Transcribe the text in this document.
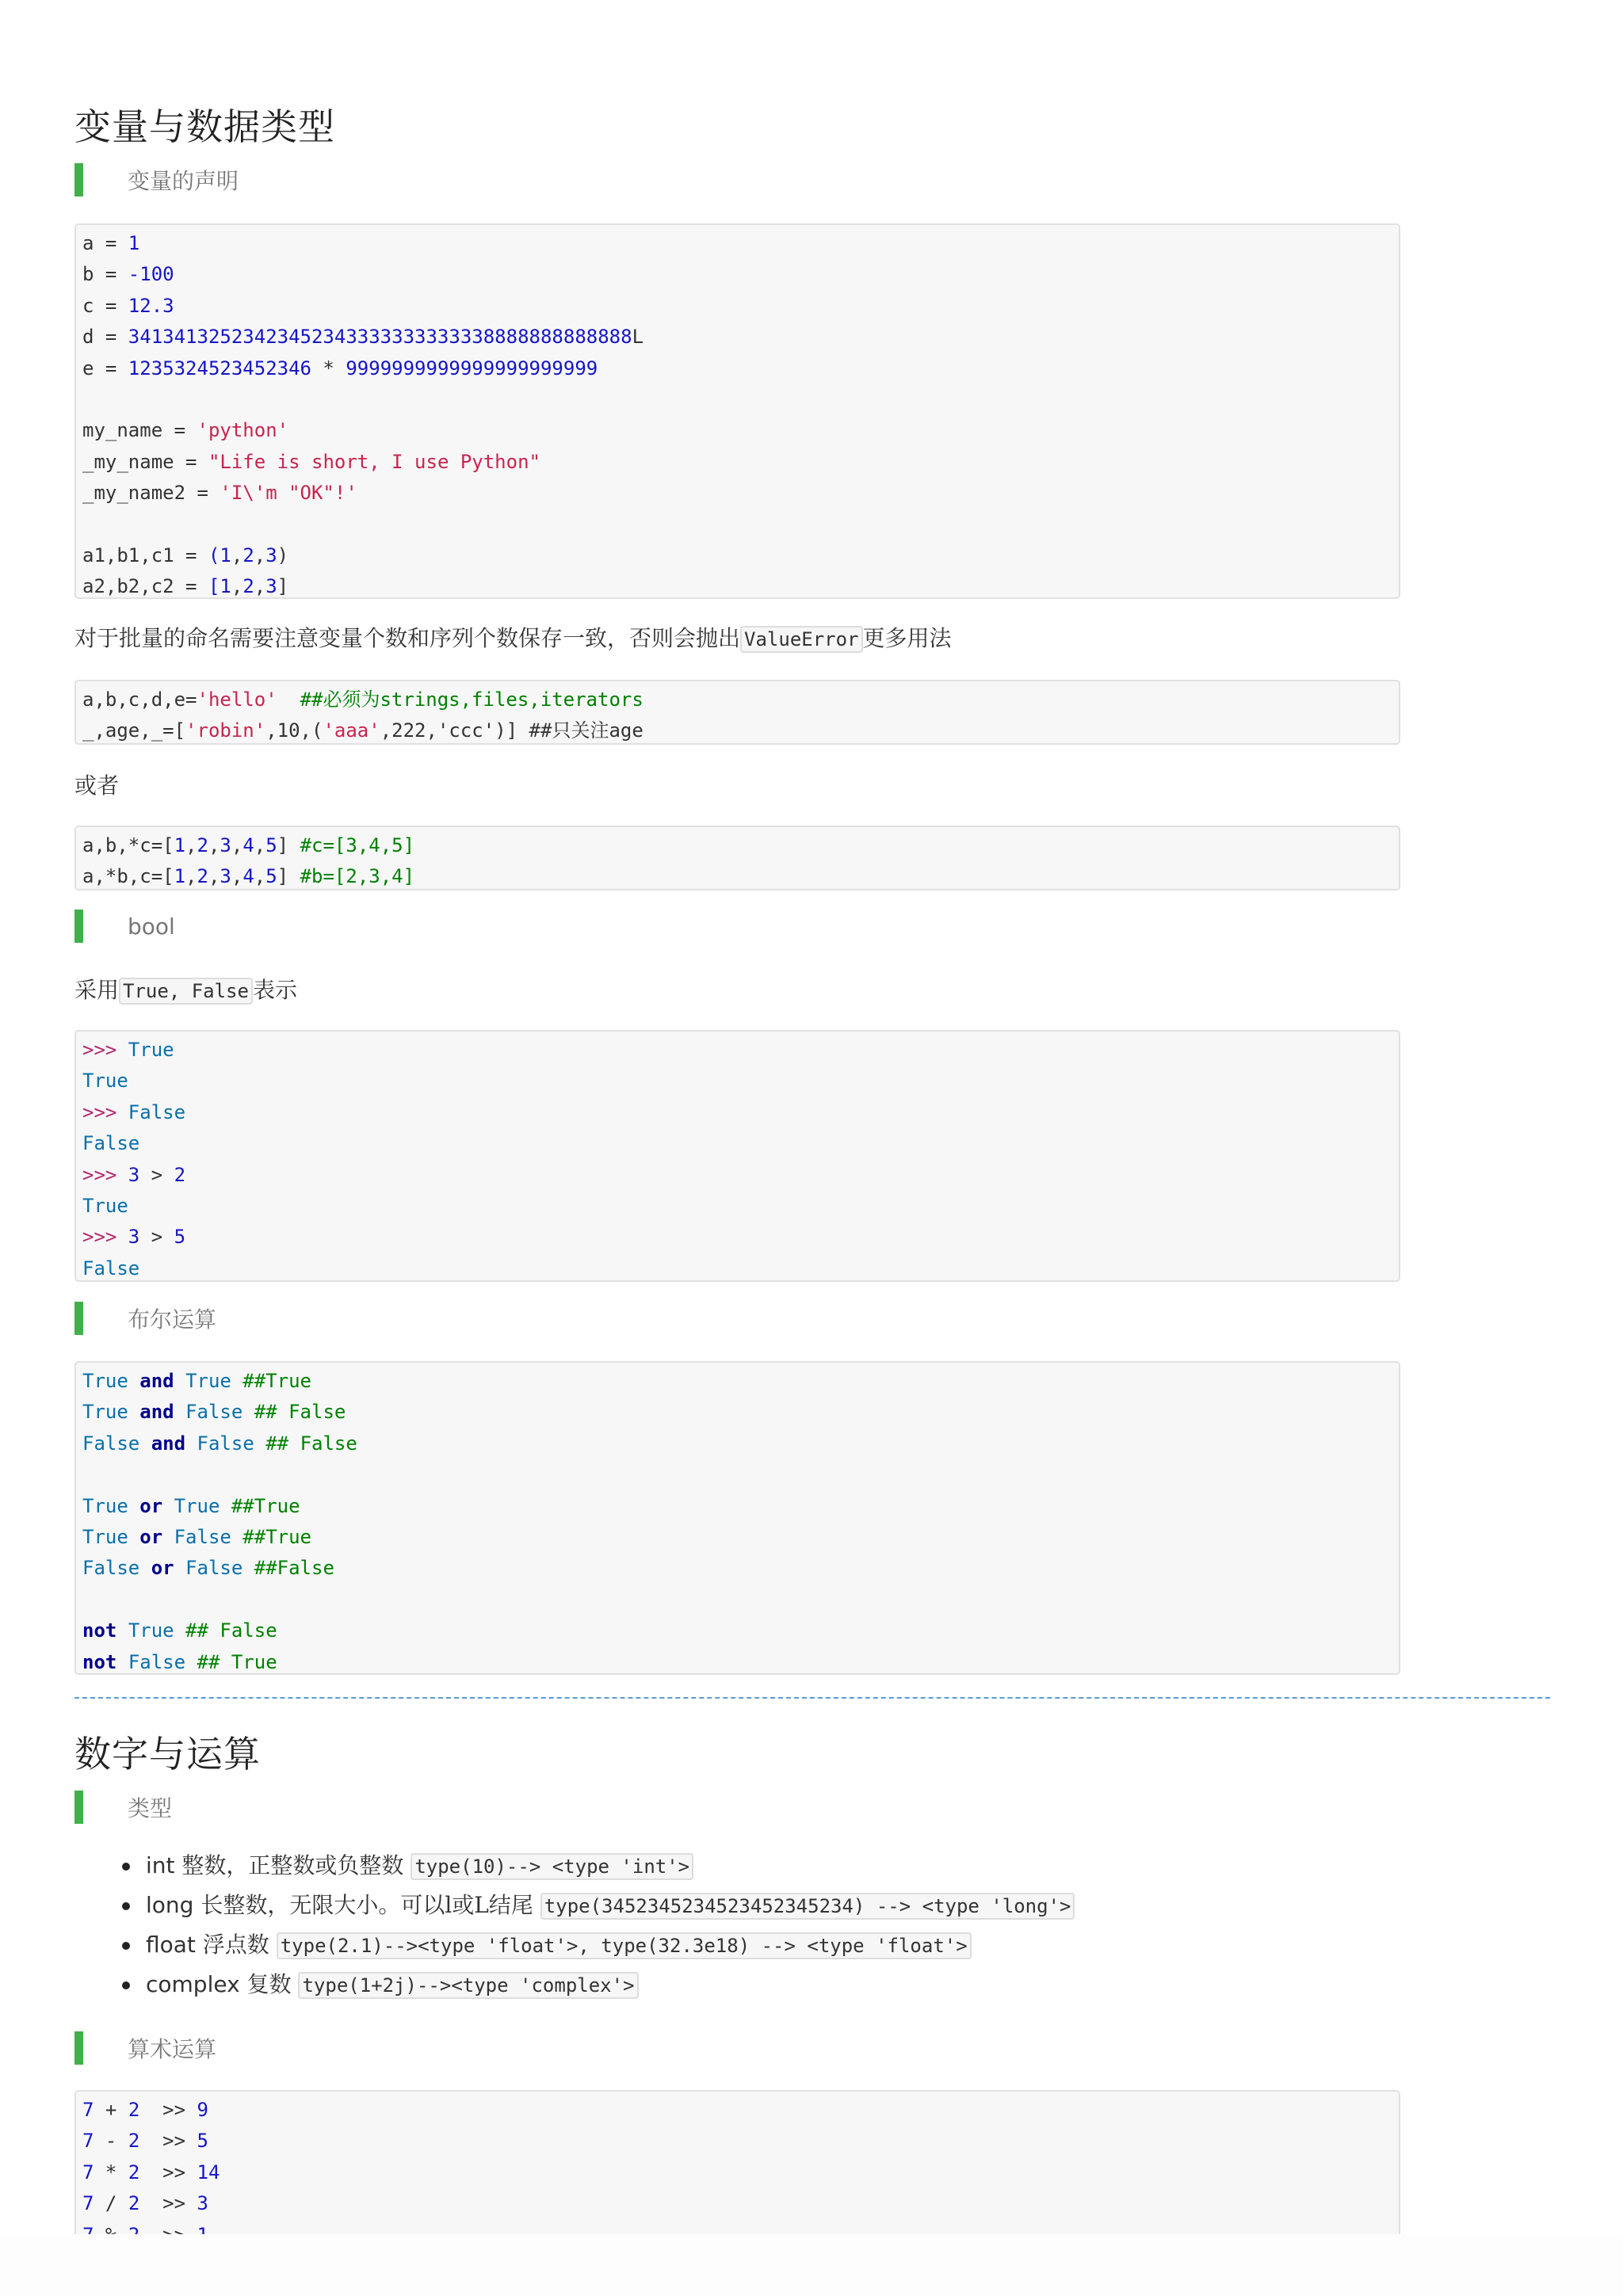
变量与数据类型
变量的声明
a = 1
b = -100
c = 12.3
d = 34134132523423452343333333333338888888888888L
e = 1235324523452346 * 9999999999999999999999
my_name = 'python'
_my_name = "Life is short, I use Python"
_my_name2 = 'I\'m "OK"!'
a1,b1,c1 = (1,2,3)
a2,b2,c2 = [1,2,3]
对于批量的命名需要注意变量个数和序列个数保存一致，否则会抛出 ValueError 更多用法
a,b,c,d,e='hello' ##必须为strings,files,iterators
_,age,_=['robin',10,('aaa',222,'ccc')] ##只关注age
或者
a,b,*c=[1,2,3,4,5] #c=[3,4,5]
a,*b,c=[1,2,3,4,5] #b=[2,3,4]
bool
采用 True, False 表示
>>> True
True
>>> False
False
>>> 3 > 2
True
>>> 3 > 5
False
布尔运算
True and True ##True
True and False ## False
False and False ## False
True or True ##True
True or False ##True
False or False ##False
not True ## False
not False ## True
数字与运算
类型
int 整数，正整数或负整数 type(10)--> <type 'int'>
long 长整数，无限大小。可以l或L结尾 type(3452345234523452345234) --> <type 'long'>
float 浮点数 type(2.1)--><type 'float'>, type(32.3e18) --> <type 'float'>
complex 复数 type(1+2j)--><type 'complex'>
算术运算
7 + 2  >> 9
7 - 2  >> 5
7 * 2  >> 14
7 / 2  >> 3
